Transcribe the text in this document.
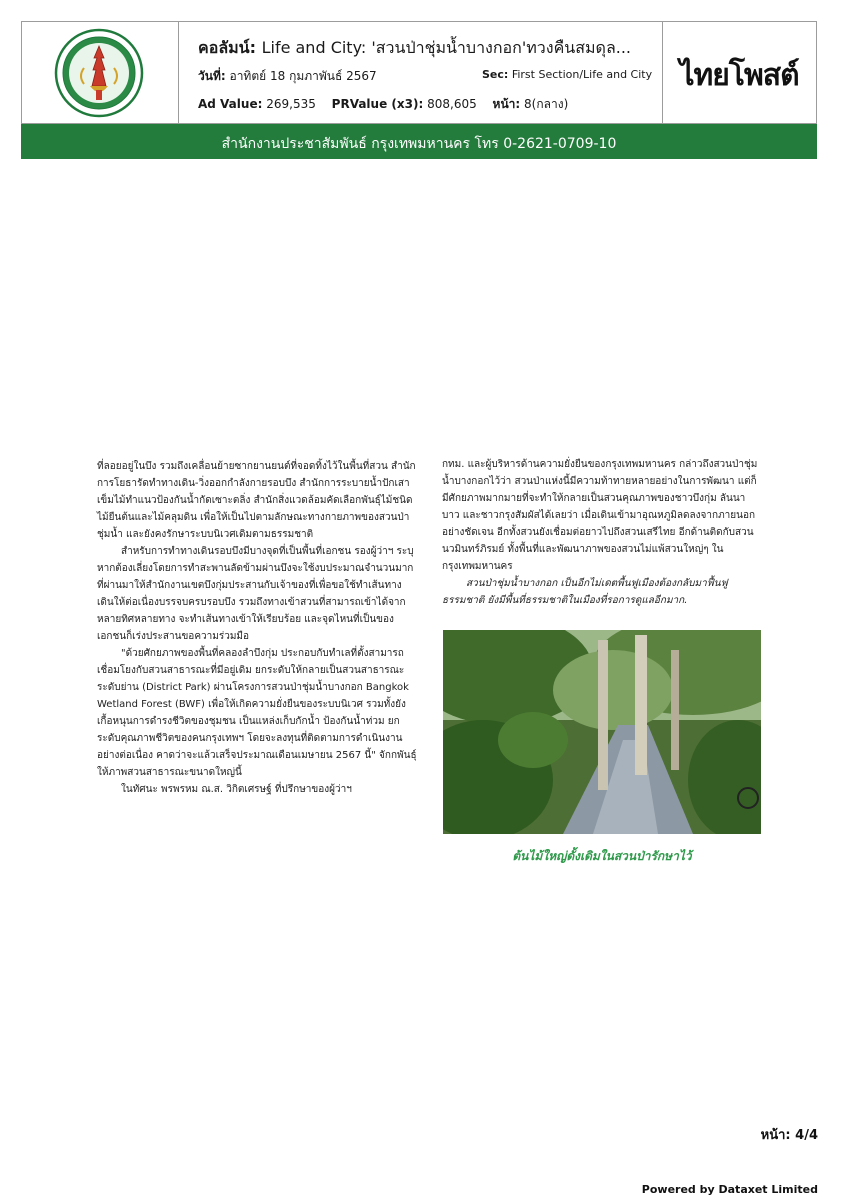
คอลัมน์: Life and City: 'สวนป่าชุ่มน้ำบางกอก'ทวงคืนสมดุล...
วันที่: อาทิตย์ 18 กุมภาพันธ์ 2567	Sec: First Section/Life and City
Ad Value: 269,535 PRValue (x3): 808,605 หน้า: 8(กลาง)
ไทยโพสต์
สำนักงานประชาสัมพันธ์ กรุงเทพมหานคร โทร 0-2621-0709-10

ที่ลอยอยู่ในบึง รวมถึงเคลื่อนย้ายซากยานยนต์ที่จอดทิ้งไว้ในพื้นที่สวน สำนักการโยธารัดทำทางเดิน-วิ่งออกกำลังกายรอบบึง สำนักการระบายน้ำปักเสาเข็มไม้ทำแนวป้องกันน้ำกัดเซาะตลิ่ง สำนักสิ่งแวดล้อมคัดเลือกพันธุ์ไม้ชนิดไม้ยืนต้นและไม้คลุมดิน เพื่อให้เป็นไปตามลักษณะทางกายภาพของสวนป่าชุ่มน้ำ และยังคงรักษาระบบนิเวศเดิมตามธรรมชาติ

สำหรับการทำทางเดินรอบบึงมีบางจุดที่เป็นพื้นที่เอกชน รองผู้ว่าฯ ระบุหากต้องเลี่ยงโดยการทำสะพานลัดข้ามผ่านบึงจะใช้งบประมาณจำนวนมาก ที่ผ่านมาให้สำนักงานเขตบึงกุ่มประสานกับเจ้าของที่เพื่อขอใช้ทำเส้นทางเดินให้ต่อเนื่องบรรจบครบรอบบึง รวมถึงทางเข้าสวนที่สามารถเข้าได้จากหลายทิศหลายทาง จะทำเส้นทางเข้าให้เรียบร้อย และจุดไหนที่เป็นของเอกชนก็เร่งประสานขอความร่วมมือ

"ด้วยศักยภาพของพื้นที่คลองลำบึงกุ่ม ประกอบกับทำเลที่ตั้งสามารถเชื่อมโยงกับสวนสาธารณะที่มีอยู่เดิม ยกระดับให้กลายเป็นสวนสาธารณะระดับย่าน (District Park) ผ่านโครงการสวนป่าชุ่มน้ำบางกอก Bangkok Wetland Forest (BWF) เพื่อให้เกิดความยั่งยืนของระบบนิเวศ รวมทั้งยังเกื้อหนุนการดำรงชีวิตของชุมชน เป็นแหล่งเก็บกักน้ำ ป้องกันน้ำท่วม ยกระดับคุณภาพชีวิตของคนกรุงเทพฯ โดยจะลงทุนที่ติดตามการดำเนินงานอย่างต่อเนื่อง คาดว่าจะแล้วเสร็จประมาณเดือนเมษายน 2567 นี้" จักกพันธุ์ให้ภาพสวนสาธารณะขนาดใหญ่นี้

ในทัศนะ พรพรหม ณ.ส. วิกิตเศรษฐ์ ที่ปรึกษาของผู้ว่าฯ

กทม. และผู้บริหารด้านความยั่งยืนของกรุงเทพมหานคร กล่าวถึงสวนป่าชุ่มน้ำบางกอกไว้ว่า สวนป่าแห่งนี้มีความท้าทายหลายอย่างในการพัฒนา แต่ก็มีศักยภาพมากมายที่จะทำให้กลายเป็นสวนคุณภาพของชาวบึงกุ่ม ลันนาบาว และชาวกรุงสัมผัสได้เลยว่า เมื่อเดินเข้ามาอุณหภูมิลดลงจากภายนอกอย่างชัดเจน อีกทั้งสวนยังเชื่อมต่อยาวไปถึงสวนเสรีไทย อีกด้านติดกับสวนนวมินทร์ภิรมย์ ทั้งพื้นที่และพัฒนาภาพของสวนไม่แพ้สวนใหญ่ๆ ในกรุงเทพมหานคร

สวนป่าชุ่มน้ำบางกอก เป็นอีกไม่เดตพื้นฟูเมืองต้องกลับมาฟื้นฟูธรรมชาติ ยังมีพื้นที่ธรรมชาติในเมืองที่รอการดูแลอีกมาก.

ต้นไม้ใหญ่ดั้งเดิมในสวนป่ารักษาไว้
หน้า: 4/4
Powered by Dataxet Limited
